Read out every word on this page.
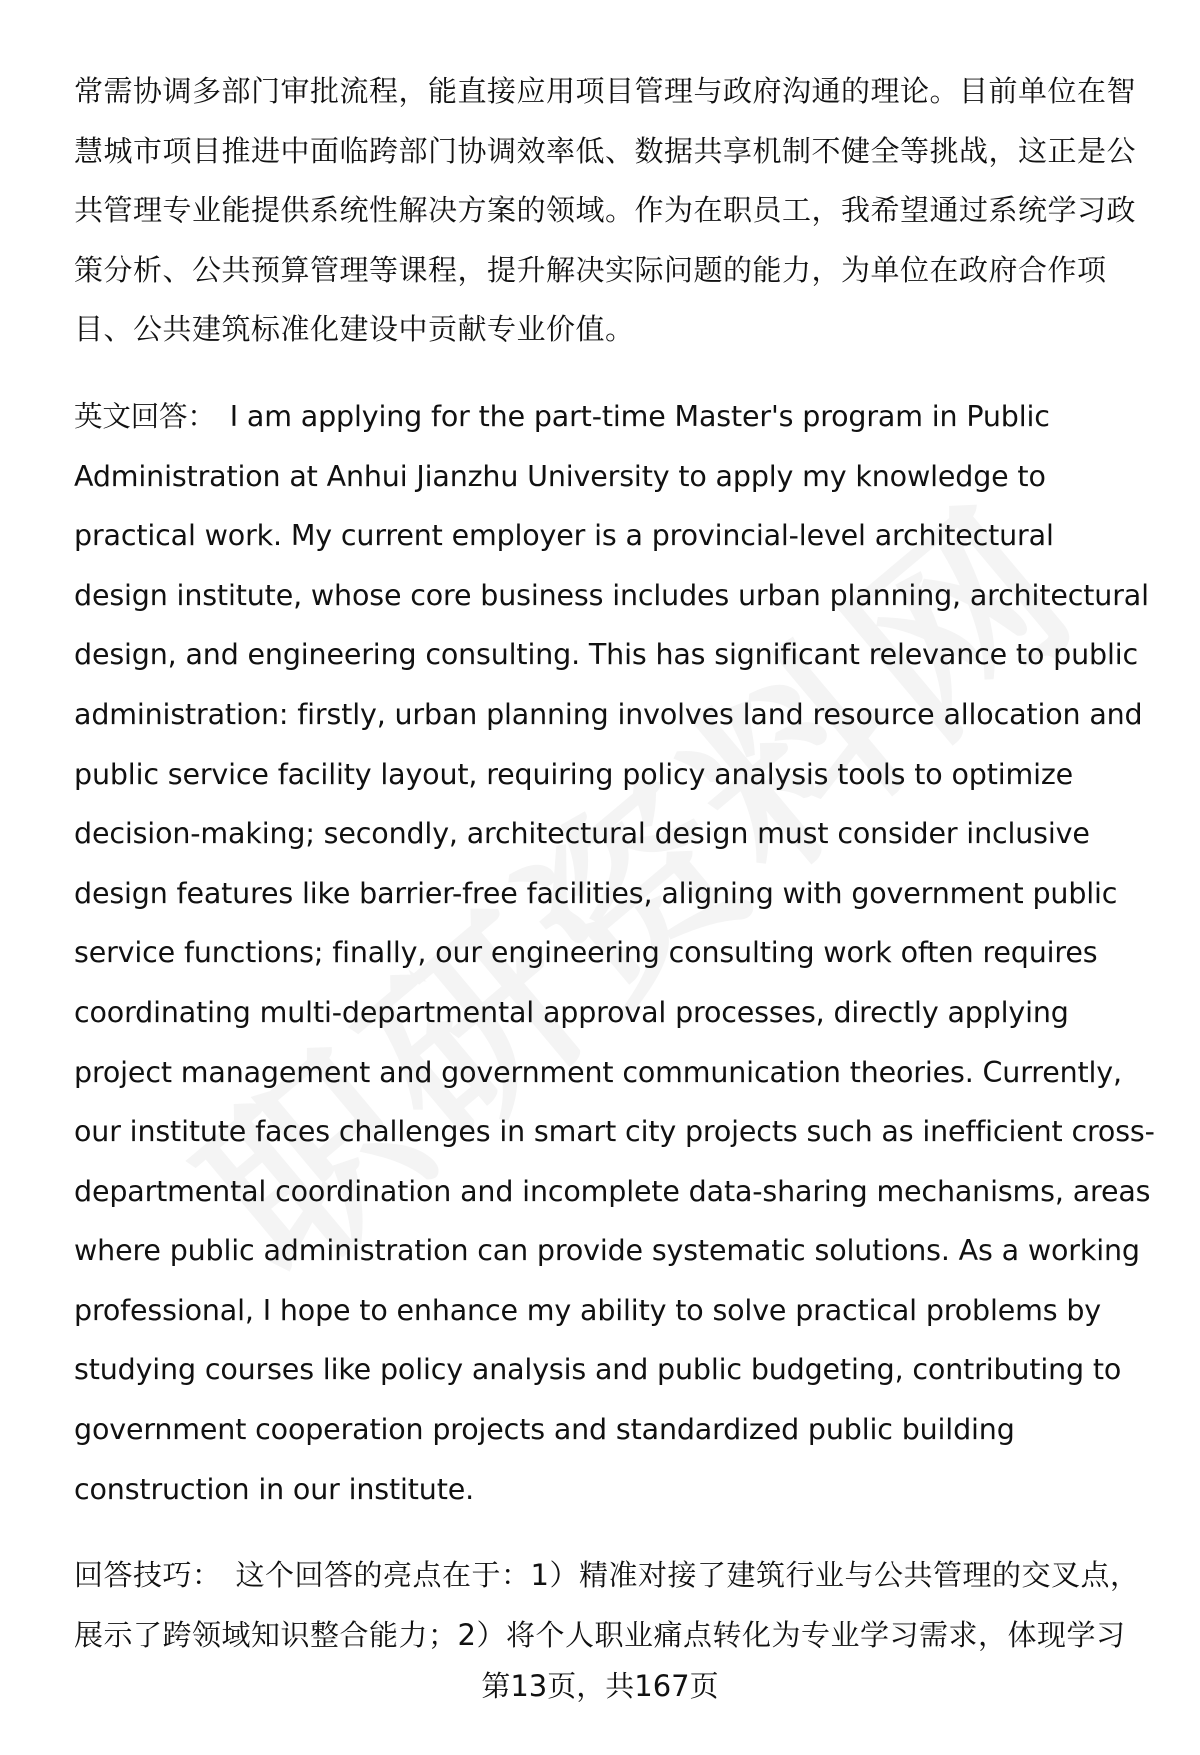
常需协调多部门审批流程，能直接应用项目管理与政府沟通的理论。目前单位在智
慧城市项目推进中面临跨部门协调效率低、数据共享机制不健全等挑战，这正是公
共管理专业能提供系统性解决方案的领域。作为在职员工，我希望通过系统学习政
策分析、公共预算管理等课程，提升解决实际问题的能力，为单位在政府合作项
目、公共建筑标准化建设中贡献专业价值。

英文回答： I am applying for the part-time Master's program in Public
Administration at Anhui Jianzhu University to apply my knowledge to
practical work. My current employer is a provincial-level architectural
design institute, whose core business includes urban planning, architectural
design, and engineering consulting. This has significant relevance to public
administration: firstly, urban planning involves land resource allocation and
public service facility layout, requiring policy analysis tools to optimize
decision-making; secondly, architectural design must consider inclusive
design features like barrier-free facilities, aligning with government public
service functions; finally, our engineering consulting work often requires
coordinating multi-departmental approval processes, directly applying
project management and government communication theories. Currently,
our institute faces challenges in smart city projects such as inefficient cross-
departmental coordination and incomplete data-sharing mechanisms, areas
where public administration can provide systematic solutions. As a working
professional, I hope to enhance my ability to solve practical problems by
studying courses like policy analysis and public budgeting, contributing to
government cooperation projects and standardized public building
construction in our institute.

回答技巧： 这个回答的亮点在于：1）精准对接了建筑行业与公共管理的交叉点，
展示了跨领域知识整合能力；2）将个人职业痛点转化为专业学习需求，体现学习

第13页，共167页
